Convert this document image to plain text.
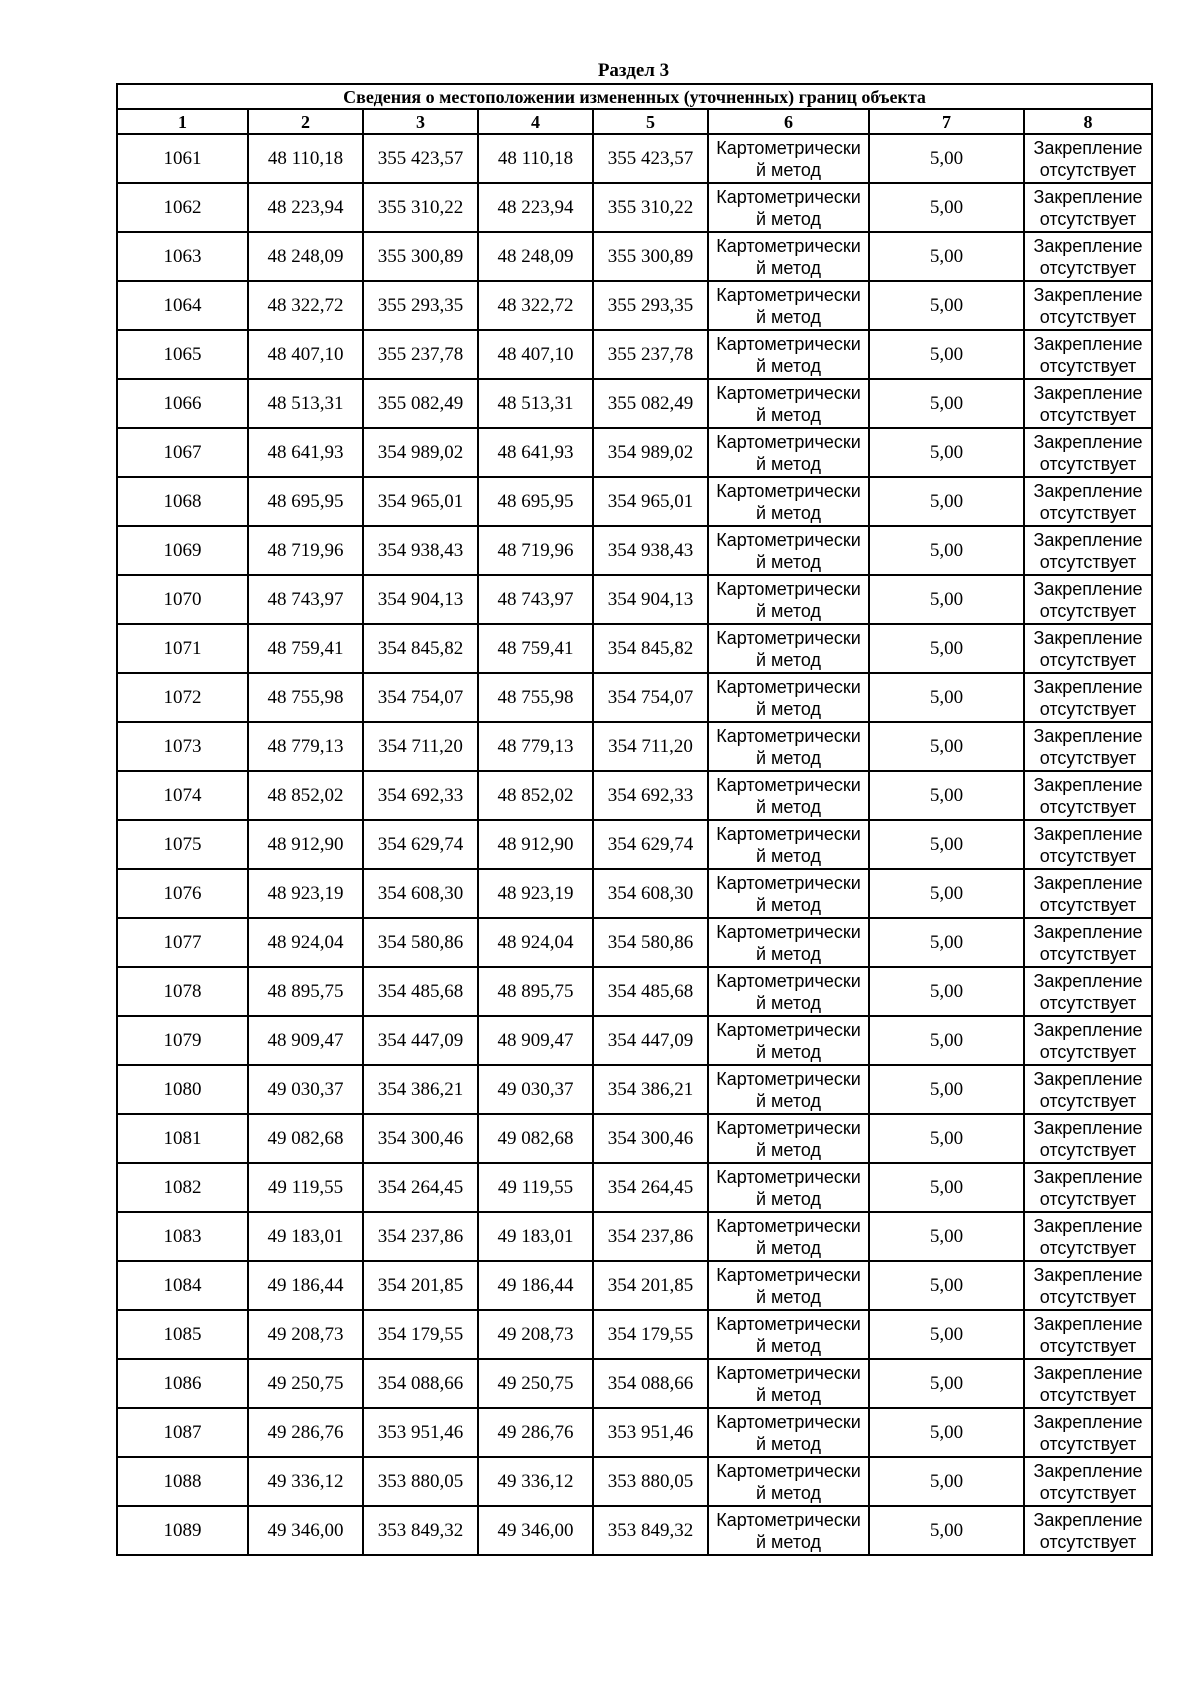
Раздел 3
Сведения о местоположении измененных (уточненных) границ объекта							
1	2	3	4	5	6	7	8
1061	48 110,18	355 423,57	48 110,18	355 423,57	Картометрически й метод	5,00	Закрепление отсутствует
1062	48 223,94	355 310,22	48 223,94	355 310,22	Картометрически й метод	5,00	Закрепление отсутствует
1063	48 248,09	355 300,89	48 248,09	355 300,89	Картометрически й метод	5,00	Закрепление отсутствует
1064	48 322,72	355 293,35	48 322,72	355 293,35	Картометрически й метод	5,00	Закрепление отсутствует
1065	48 407,10	355 237,78	48 407,10	355 237,78	Картометрически й метод	5,00	Закрепление отсутствует
1066	48 513,31	355 082,49	48 513,31	355 082,49	Картометрически й метод	5,00	Закрепление отсутствует
1067	48 641,93	354 989,02	48 641,93	354 989,02	Картометрически й метод	5,00	Закрепление отсутствует
1068	48 695,95	354 965,01	48 695,95	354 965,01	Картометрически й метод	5,00	Закрепление отсутствует
1069	48 719,96	354 938,43	48 719,96	354 938,43	Картометрически й метод	5,00	Закрепление отсутствует
1070	48 743,97	354 904,13	48 743,97	354 904,13	Картометрически й метод	5,00	Закрепление отсутствует
1071	48 759,41	354 845,82	48 759,41	354 845,82	Картометрически й метод	5,00	Закрепление отсутствует
1072	48 755,98	354 754,07	48 755,98	354 754,07	Картометрически й метод	5,00	Закрепление отсутствует
1073	48 779,13	354 711,20	48 779,13	354 711,20	Картометрически й метод	5,00	Закрепление отсутствует
1074	48 852,02	354 692,33	48 852,02	354 692,33	Картометрически й метод	5,00	Закрепление отсутствует
1075	48 912,90	354 629,74	48 912,90	354 629,74	Картометрически й метод	5,00	Закрепление отсутствует
1076	48 923,19	354 608,30	48 923,19	354 608,30	Картометрически й метод	5,00	Закрепление отсутствует
1077	48 924,04	354 580,86	48 924,04	354 580,86	Картометрически й метод	5,00	Закрепление отсутствует
1078	48 895,75	354 485,68	48 895,75	354 485,68	Картометрически й метод	5,00	Закрепление отсутствует
1079	48 909,47	354 447,09	48 909,47	354 447,09	Картометрически й метод	5,00	Закрепление отсутствует
1080	49 030,37	354 386,21	49 030,37	354 386,21	Картометрически й метод	5,00	Закрепление отсутствует
1081	49 082,68	354 300,46	49 082,68	354 300,46	Картометрически й метод	5,00	Закрепление отсутствует
1082	49 119,55	354 264,45	49 119,55	354 264,45	Картометрически й метод	5,00	Закрепление отсутствует
1083	49 183,01	354 237,86	49 183,01	354 237,86	Картометрически й метод	5,00	Закрепление отсутствует
1084	49 186,44	354 201,85	49 186,44	354 201,85	Картометрически й метод	5,00	Закрепление отсутствует
1085	49 208,73	354 179,55	49 208,73	354 179,55	Картометрически й метод	5,00	Закрепление отсутствует
1086	49 250,75	354 088,66	49 250,75	354 088,66	Картометрически й метод	5,00	Закрепление отсутствует
1087	49 286,76	353 951,46	49 286,76	353 951,46	Картометрически й метод	5,00	Закрепление отсутствует
1088	49 336,12	353 880,05	49 336,12	353 880,05	Картометрически й метод	5,00	Закрепление отсутствует
1089	49 346,00	353 849,32	49 346,00	353 849,32	Картометрически й метод	5,00	Закрепление отсутствует
